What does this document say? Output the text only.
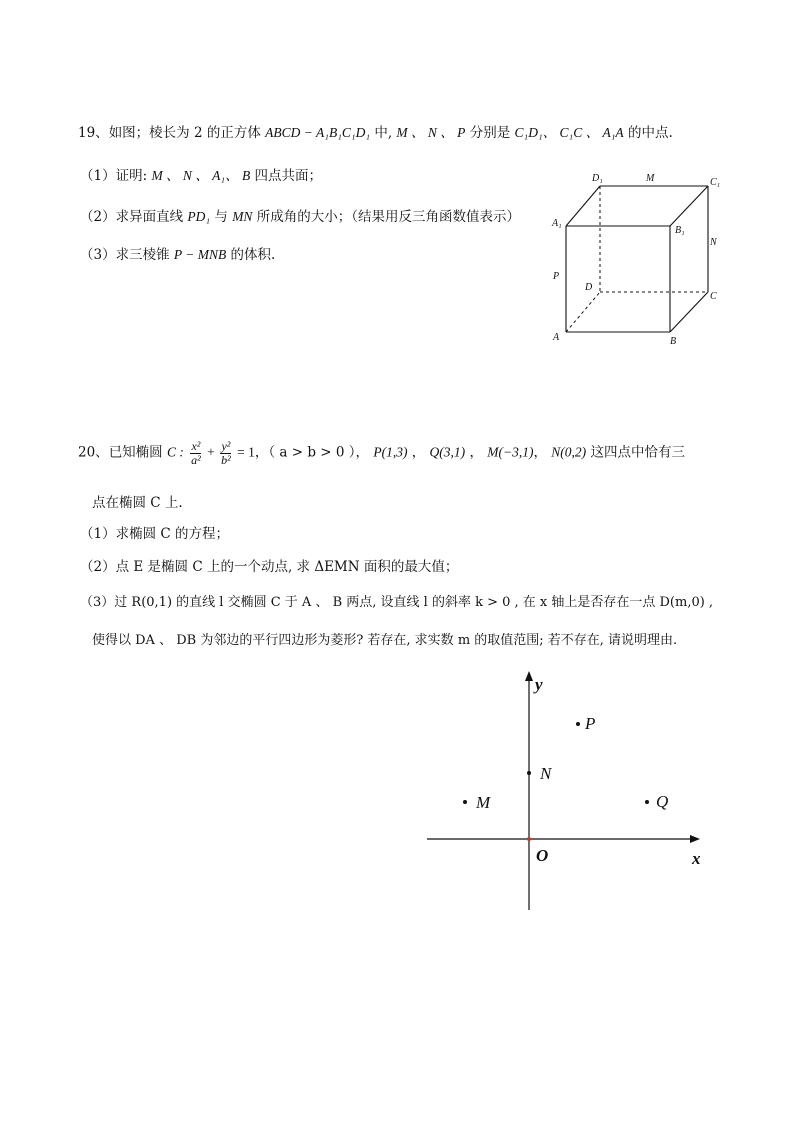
19、如图；棱长为 2 的正方体 ABCD − A₁B₁C₁D₁ 中, M 、 N 、 P 分别是 C₁D₁、 C₁C 、 A₁A 的中点.
（1）证明: M 、 N 、 A₁、 B 四点共面；
（2）求异面直线 PD₁ 与 MN 所成角的大小；（结果用反三角函数值表示）
（3）求三棱锥 P − MNB 的体积.
D₁	M	C₁
A₁
B₁
N
P
D
C
A	B
20、已知椭圆 C : $\frac{\text{x²}}{\text{a²}} + \frac{\text{y²}}{\text{b²}} = 1$，（ a > b > 0 ）， P(1,3) ， Q(3,1) ， M(−3,1)， N(0,2) 这四点中恰有三
点在椭圆 C 上.
（1）求椭圆 C 的方程；
（2）点 E 是椭圆 C 上的一个动点, 求 ΔEMN 面积的最大值；
（3）过 R(0,1) 的直线 l 交椭圆 C 于 A 、 B 两点, 设直线 l 的斜率 k > 0 , 在 x 轴上是否存在一点 D(m,0) ,
使得以 DA 、 DB 为邻边的平行四边形为菱形? 若存在, 求实数 m 的取值范围; 若不存在, 请说明理由.
y
x
O
P
N
M	Q
